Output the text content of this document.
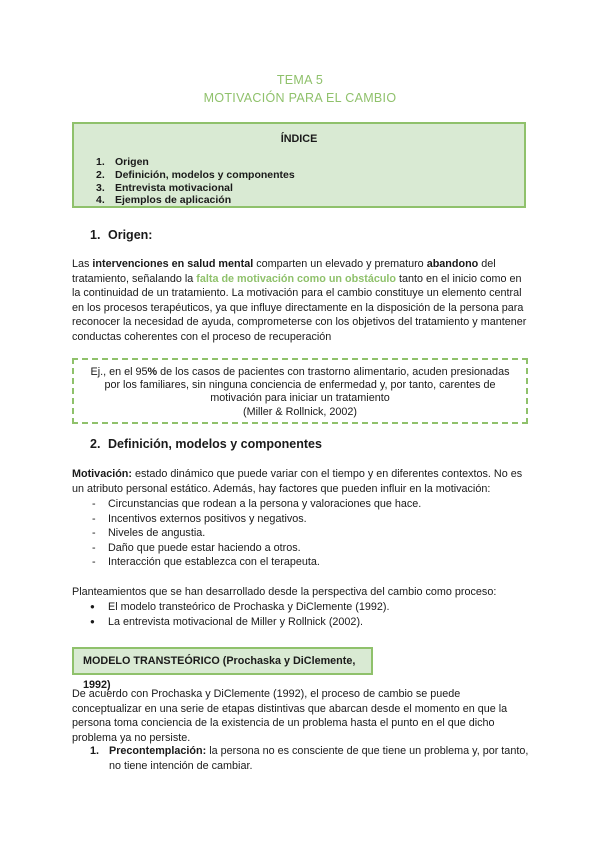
TEMA 5
MOTIVACIÓN PARA EL CAMBIO
ÍNDICE
1. Origen
2. Definición, modelos y componentes
3. Entrevista motivacional
4. Ejemplos de aplicación
1. Origen:

Las intervenciones en salud mental comparten un elevado y prematuro abandono del tratamiento, señalando la falta de motivación como un obstáculo tanto en el inicio como en la continuidad de un tratamiento. La motivación para el cambio constituye un elemento central en los procesos terapéuticos, ya que influye directamente en la disposición de la persona para reconocer la necesidad de ayuda, comprometerse con los objetivos del tratamiento y mantener conductas coherentes con el proceso de recuperación

Ej., en el 95% de los casos de pacientes con trastorno alimentario, acuden presionadas por los familiares, sin ninguna conciencia de enfermedad y, por tanto, carentes de motivación para iniciar un tratamiento
(Miller & Rollnick, 2002)
2. Definición, modelos y componentes

Motivación: estado dinámico que puede variar con el tiempo y en diferentes contextos. No es un atributo personal estático. Además, hay factores que pueden influir en la motivación:

- Circunstancias que rodean a la persona y valoraciones que hace.
- Incentivos externos positivos y negativos.
- Niveles de angustia.
- Daño que puede estar haciendo a otros.
- Interacción que establezca con el terapeuta.

Planteamientos que se han desarrollado desde la perspectiva del cambio como proceso:

● El modelo transteórico de Prochaska y DiClemente (1992).
● La entrevista motivacional de Miller y Rollnick (2002).
MODELO TRANSTEÓRICO (Prochaska y DiClemente, 1992)

De acuerdo con Prochaska y DiClemente (1992), el proceso de cambio se puede conceptualizar en una serie de etapas distintivas que abarcan desde el momento en que la persona toma conciencia de la existencia de un problema hasta el punto en el que dicho problema ya no persiste.

1. Precontemplación: la persona no es consciente de que tiene un problema y, por tanto, no tiene intención de cambiar.
